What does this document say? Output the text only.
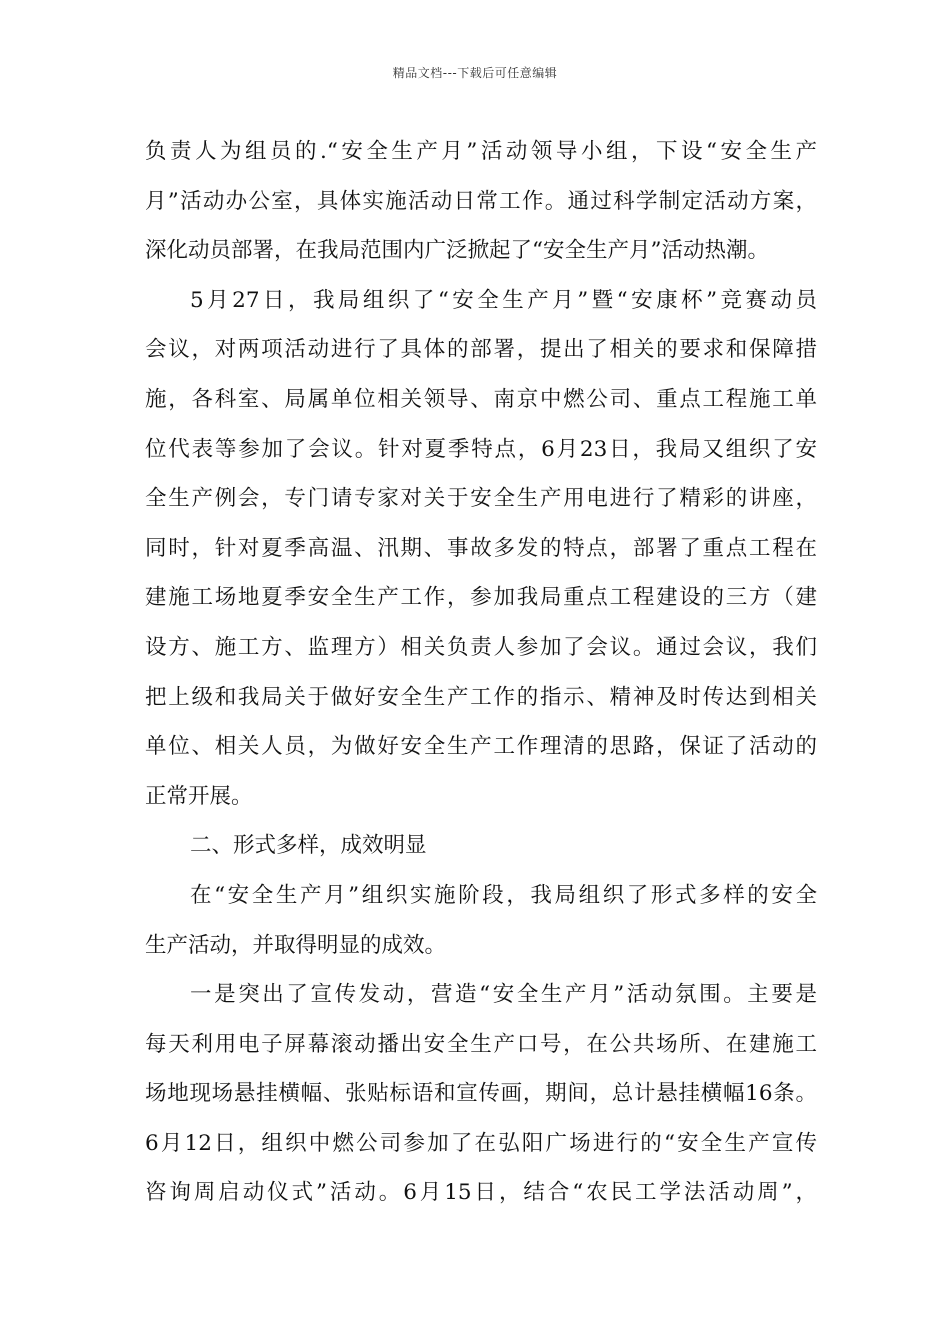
精品文档---下载后可任意编辑
负责人为组员的.“安全生产月”活动领导小组，下设“安全生产
月”活动办公室，具体实施活动日常工作。通过科学制定活动方案，
深化动员部署，在我局范围内广泛掀起了“安全生产月”活动热潮。
5月27日，我局组织了“安全生产月”暨“安康杯”竞赛动员
会议，对两项活动进行了具体的部署，提出了相关的要求和保障措
施，各科室、局属单位相关领导、南京中燃公司、重点工程施工单
位代表等参加了会议。针对夏季特点，6月23日，我局又组织了安
全生产例会，专门请专家对关于安全生产用电进行了精彩的讲座，
同时，针对夏季高温、汛期、事故多发的特点，部署了重点工程在
建施工场地夏季安全生产工作，参加我局重点工程建设的三方（建
设方、施工方、监理方）相关负责人参加了会议。通过会议，我们
把上级和我局关于做好安全生产工作的指示、精神及时传达到相关
单位、相关人员，为做好安全生产工作理清的思路，保证了活动的
正常开展。
二、形式多样，成效明显
在“安全生产月”组织实施阶段，我局组织了形式多样的安全
生产活动，并取得明显的成效。
一是突出了宣传发动，营造“安全生产月”活动氛围。主要是
每天利用电子屏幕滚动播出安全生产口号，在公共场所、在建施工
场地现场悬挂横幅、张贴标语和宣传画，期间，总计悬挂横幅16条。
6月12日，组织中燃公司参加了在弘阳广场进行的“安全生产宣传
咨询周启动仪式”活动。6月15日，结合“农民工学法活动周”，
